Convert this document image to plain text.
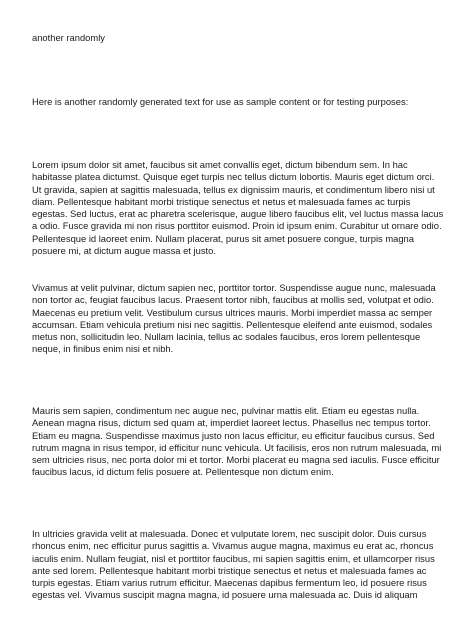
another randomly

Here is another randomly generated text for use as sample content or for testing purposes:

Lorem ipsum dolor sit amet, faucibus sit amet convallis eget, dictum bibendum sem. In hac habitasse platea dictumst. Quisque eget turpis nec tellus dictum lobortis. Mauris eget dictum orci. Ut gravida, sapien at sagittis malesuada, tellus ex dignissim mauris, et condimentum libero nisi ut diam. Pellentesque habitant morbi tristique senectus et netus et malesuada fames ac turpis egestas. Sed luctus, erat ac pharetra scelerisque, augue libero faucibus elit, vel luctus massa lacus a odio. Fusce gravida mi non risus porttitor euismod. Proin id ipsum enim. Curabitur ut ornare odio. Pellentesque id laoreet enim. Nullam placerat, purus sit amet posuere congue, turpis magna posuere mi, at dictum augue massa et justo.

Vivamus at velit pulvinar, dictum sapien nec, porttitor tortor. Suspendisse augue nunc, malesuada non tortor ac, feugiat faucibus lacus. Praesent tortor nibh, faucibus at mollis sed, volutpat et odio. Maecenas eu pretium velit. Vestibulum cursus ultrices mauris. Morbi imperdiet massa ac semper accumsan. Etiam vehicula pretium nisi nec sagittis. Pellentesque eleifend ante euismod, sodales metus non, sollicitudin leo. Nullam lacinia, tellus ac sodales faucibus, eros lorem pellentesque neque, in finibus enim nisi et nibh.

Mauris sem sapien, condimentum nec augue nec, pulvinar mattis elit. Etiam eu egestas nulla. Aenean magna risus, dictum sed quam at, imperdiet laoreet lectus. Phasellus nec tempus tortor. Etiam eu magna. Suspendisse maximus justo non lacus efficitur, eu efficitur faucibus cursus. Sed rutrum magna in risus tempor, id efficitur nunc vehicula. Ut facilisis, eros non rutrum malesuada, mi sem ultricies risus, nec porta dolor mi et tortor. Morbi placerat eu magna sed iaculis. Fusce efficitur faucibus lacus, id dictum felis posuere at. Pellentesque non dictum enim.

In ultricies gravida velit at malesuada. Donec et vulputate lorem, nec suscipit dolor. Duis cursus rhoncus enim, nec efficitur purus sagittis a. Vivamus augue magna, maximus eu erat ac, rhoncus iaculis enim. Nullam feugiat, nisl et porttitor faucibus, mi sapien sagittis enim, et ullamcorper risus ante sed lorem. Pellentesque habitant morbi tristique senectus et netus et malesuada fames ac turpis egestas. Etiam varius rutrum efficitur. Maecenas dapibus fermentum leo, id posuere risus egestas vel. Vivamus suscipit magna magna, id posuere urna malesuada ac. Duis id aliquam
